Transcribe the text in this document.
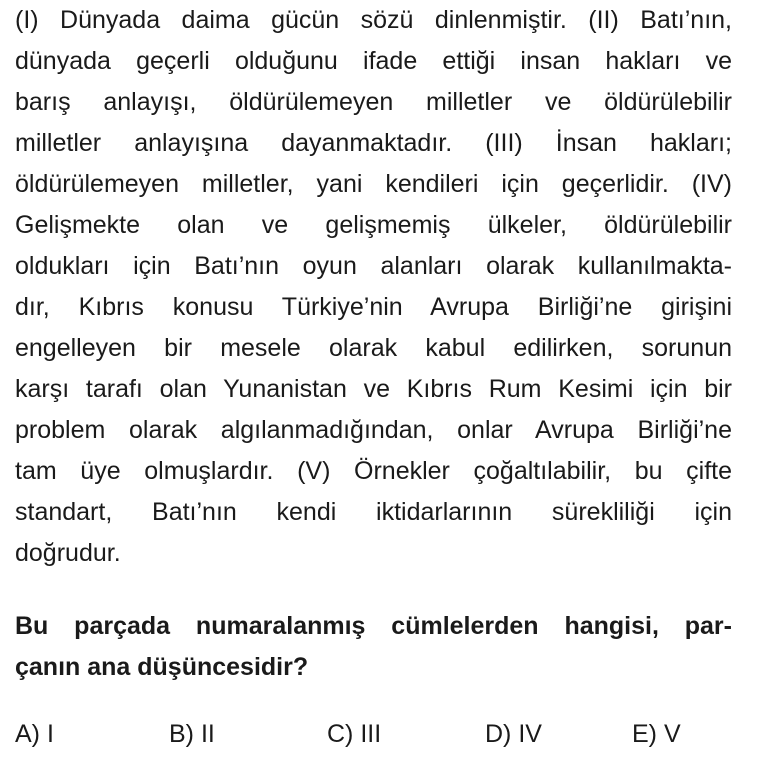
(I) Dünyada daima gücün sözü dinlenmiştir. (II) Batı’nın,
dünyada geçerli olduğunu ifade ettiği insan hakları ve
barış anlayışı, öldürülemeyen milletler ve öldürülebilir
milletler anlayışına dayanmaktadır. (III) İnsan hakları;
öldürülemeyen milletler, yani kendileri için geçerlidir. (IV)
Gelişmekte olan ve gelişmemiş ülkeler, öldürülebilir
oldukları için Batı’nın oyun alanları olarak kullanılmakta-
dır, Kıbrıs konusu Türkiye’nin Avrupa Birliği’ne girişini
engelleyen bir mesele olarak kabul edilirken, sorunun
karşı tarafı olan Yunanistan ve Kıbrıs Rum Kesimi için bir
problem olarak algılanmadığından, onlar Avrupa Birliği’ne
tam üye olmuşlardır. (V) Örnekler çoğaltılabilir, bu çifte
standart, Batı’nın kendi iktidarlarının sürekliliği için
doğrudur.
Bu parçada numaralanmış cümlelerden hangisi, par-
çanın ana düşüncesidir?
A) I	B) II	C) III	D) IV	E) V
